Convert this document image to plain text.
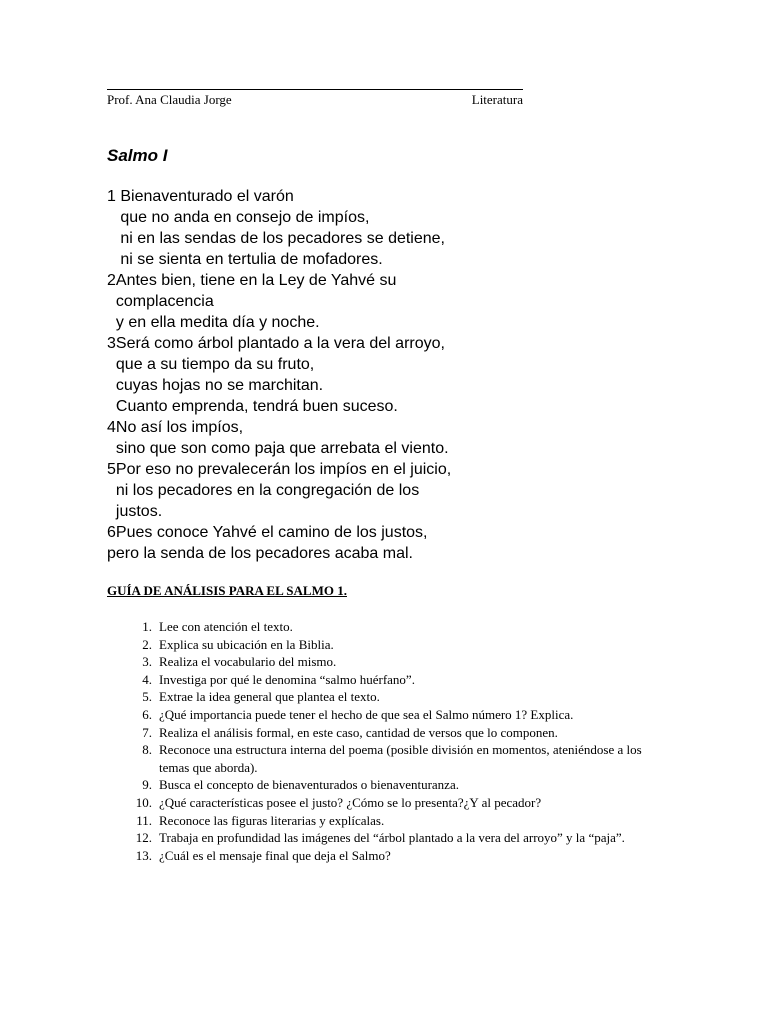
Prof. Ana Claudia Jorge	Literatura
Salmo I
1 Bienaventurado el varón
que no anda en consejo de impíos,
ni en las sendas de los pecadores se detiene,
ni se sienta en tertulia de mofadores.
2Antes bien, tiene en la Ley de Yahvé su
complacencia
y en ella medita día y noche.
3Será como árbol plantado a la vera del arroyo,
que a su tiempo da su fruto,
cuyas hojas no se marchitan.
Cuanto emprenda, tendrá buen suceso.
4No así los impíos,
sino que son como paja que arrebata el viento.
5Por eso no prevalecerán los impíos en el juicio,
ni los pecadores en la congregación de los
justos.
6Pues conoce Yahvé el camino de los justos,
pero la senda de los pecadores acaba mal.
GUÍA DE ANÁLISIS PARA EL SALMO 1.
1. Lee con atención el texto.
2. Explica su ubicación en la Biblia.
3. Realiza el vocabulario del mismo.
4. Investiga por qué le denomina “salmo huérfano”.
5. Extrae la idea general que plantea el texto.
6. ¿Qué importancia puede tener el hecho de que sea el Salmo número 1? Explica.
7. Realiza el análisis formal, en este caso, cantidad de versos que lo componen.
8. Reconoce una estructura interna del poema (posible división en momentos, ateniéndose a los temas que aborda).
9. Busca el concepto de bienaventurados o bienaventuranza.
10. ¿Qué características posee el justo? ¿Cómo se lo presenta?¿Y al pecador?
11. Reconoce las figuras literarias y explícalas.
12. Trabaja en profundidad las imágenes del “árbol plantado a la vera del arroyo” y la “paja”.
13. ¿Cuál es el mensaje final que deja el Salmo?
